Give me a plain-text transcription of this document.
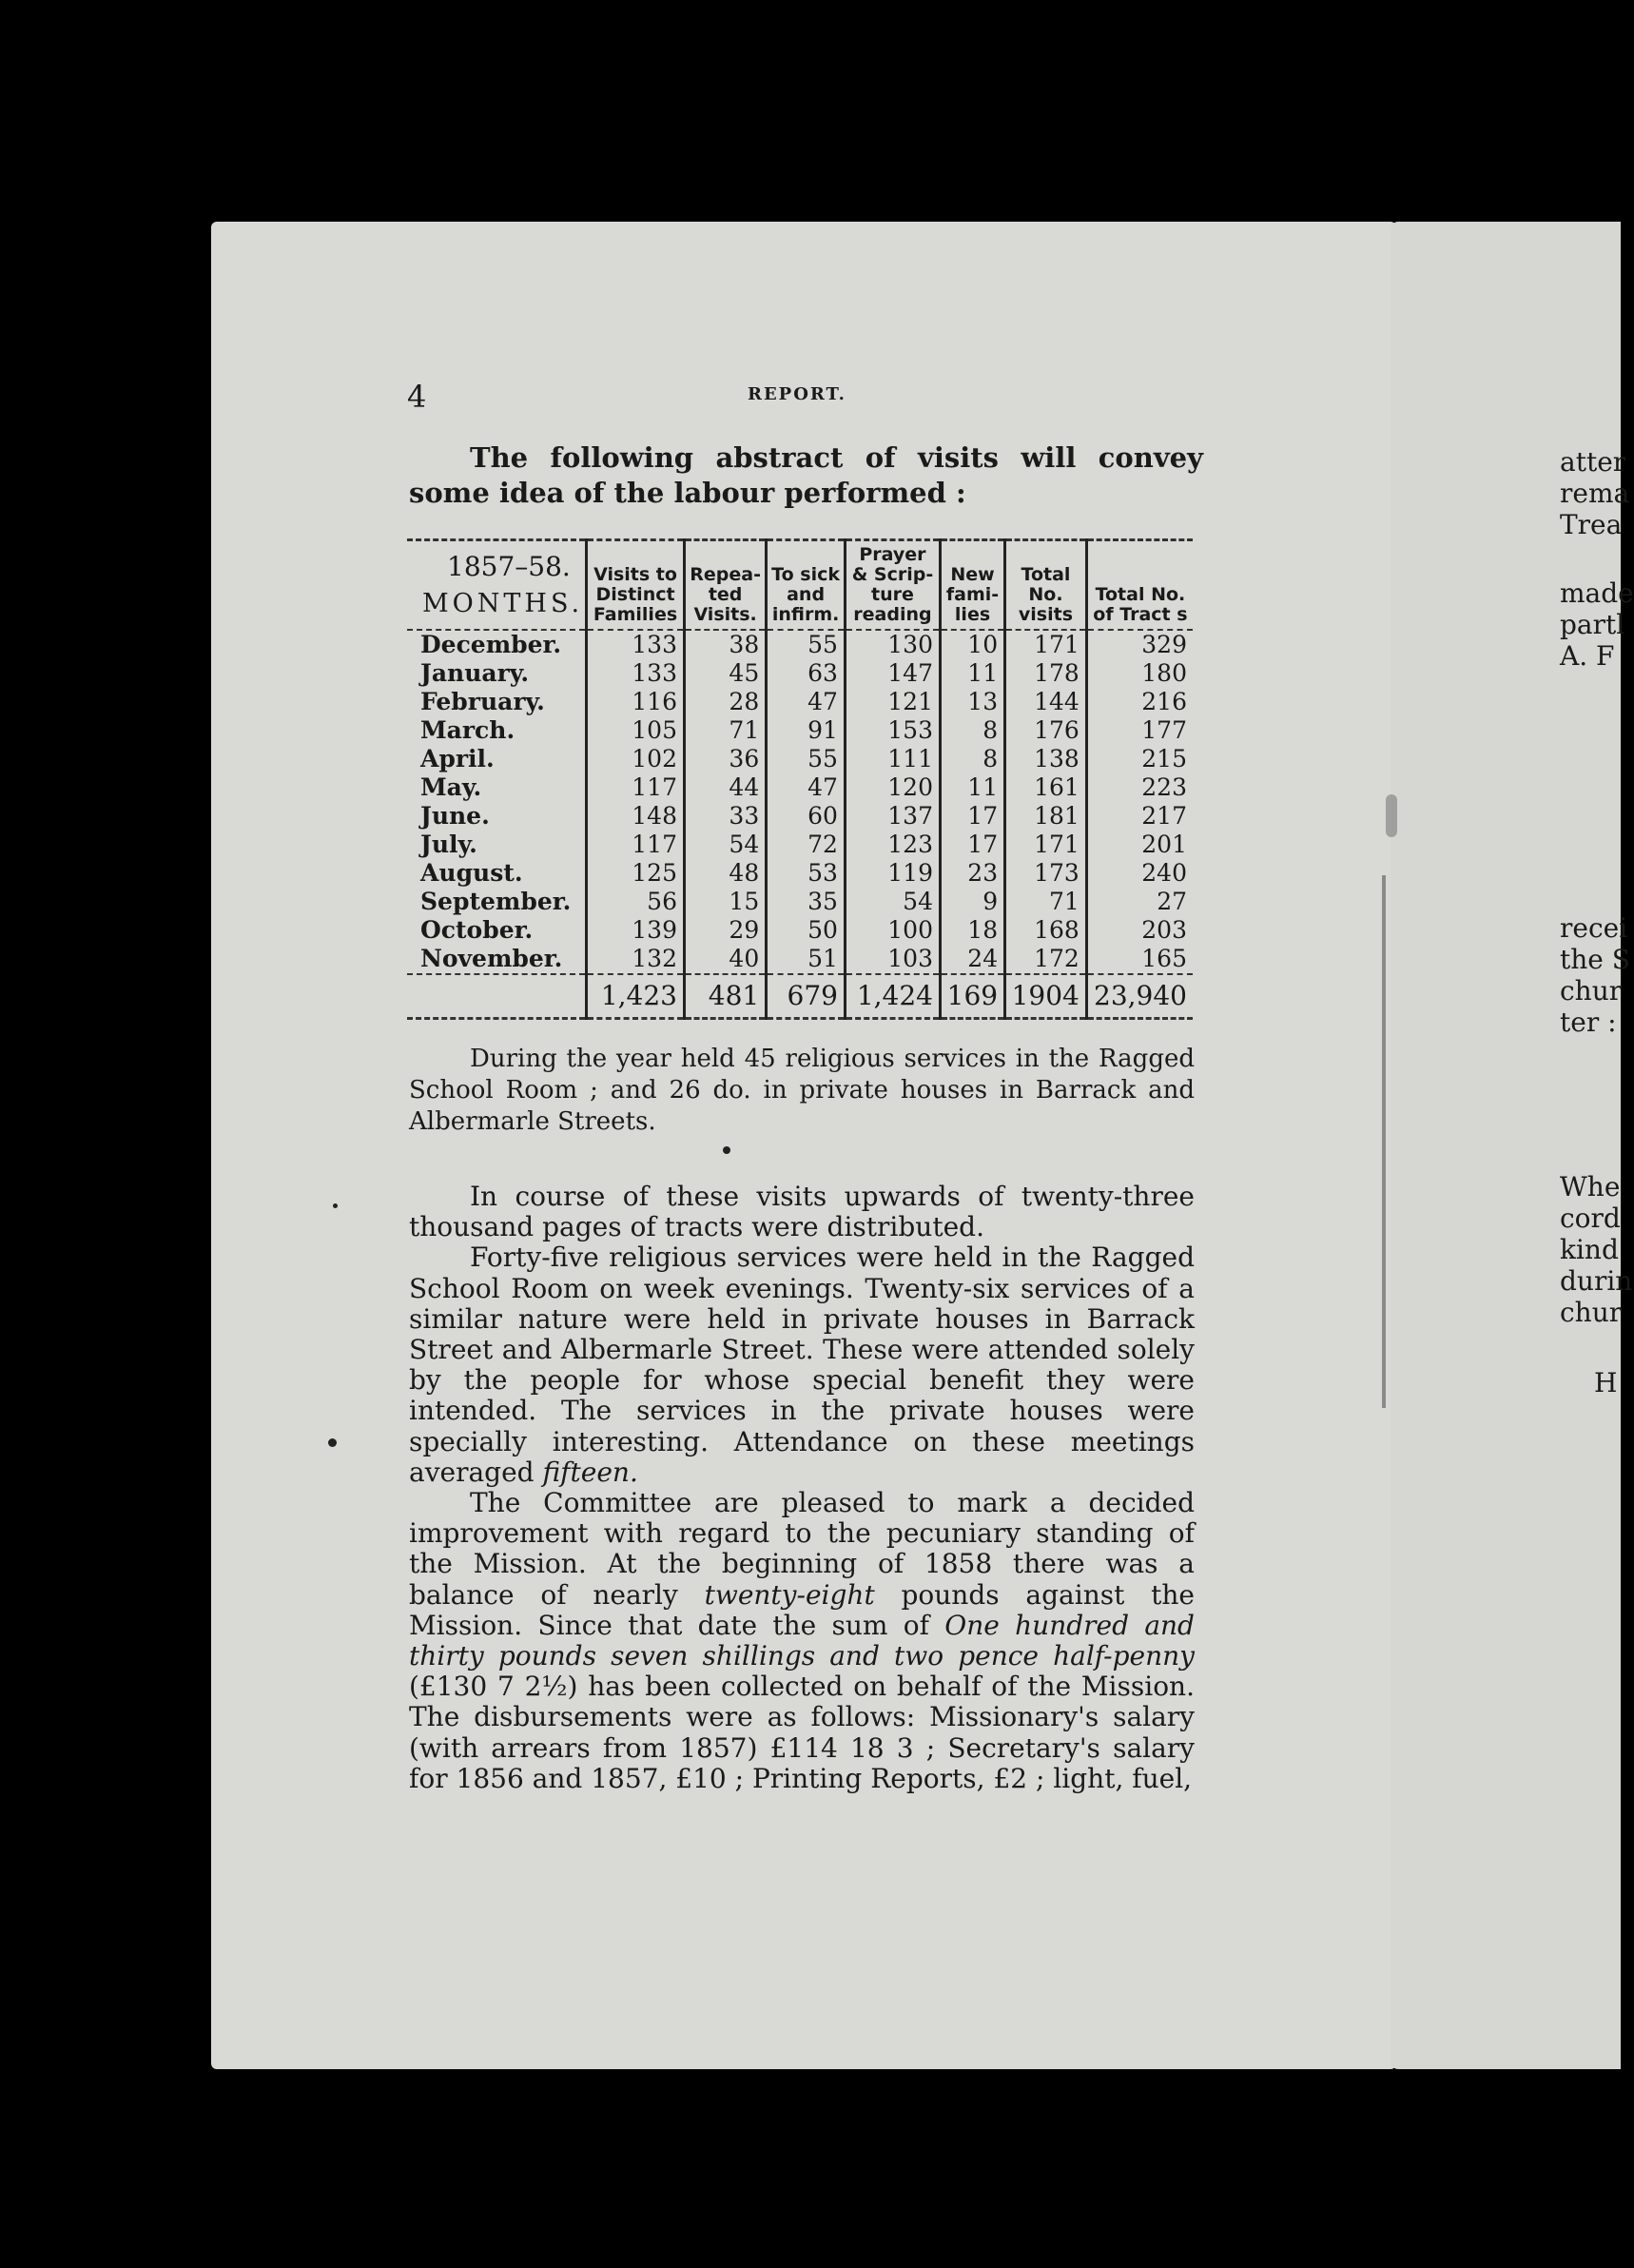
4	REPORT.

The following abstract of visits will convey some idea of the labour performed :

1857–58.
MONTHS.	Visits to Distinct Families	Repea-ted Visits.	To sick and infirm.	Prayer & Scrip-ture reading	New fami-lies	Total No. visits	Total No. of Tract s
December.	133	38	55	130	10	171	329
January.	133	45	63	147	11	178	180
February.	116	28	47	121	13	144	216
March.	105	71	91	153	8	176	177
April.	102	36	55	111	8	138	215
May.	117	44	47	120	11	161	223
June.	148	33	60	137	17	181	217
July.	117	54	72	123	17	171	201
August.	125	48	53	119	23	173	240
September.	56	15	35	54	9	71	27
October.	139	29	50	100	18	168	203
November.	132	40	51	103	24	172	165
	1,423	481	679	1,424	169	1904	23,940

During the year held 45 religious services in the Ragged School Room ; and 26 do. in private houses in Barrack and Albermarle Streets.

In course of these visits upwards of twenty-three thousand pages of tracts were distributed.

Forty-five religious services were held in the Ragged School Room on week evenings. Twenty-six services of a similar nature were held in private houses in Barrack Street and Albermarle Street. These were attended solely by the people for whose special benefit they were intended. The services in the private houses were specially interesting. Attendance on these meetings averaged fifteen.

The Committee are pleased to mark a decided improvement with regard to the pecuniary standing of the Mission. At the beginning of 1858 there was a balance of nearly twenty-eight pounds against the Mission. Since that date the sum of One hundred and thirty pounds seven shillings and two pence half-penny (£130 7 2½) has been collected on behalf of the Mission. The disbursements were as follows: Missionary's salary (with arrears from 1857) £114 18 3 ; Secretary's salary for 1856 and 1857, £10 ; Printing Reports, £2 ; light, fuel,

atter
rema
Trea
made
partl
A. F
recei
the S
chur
ter :
Whe
cord
kind
durin
chur
H
